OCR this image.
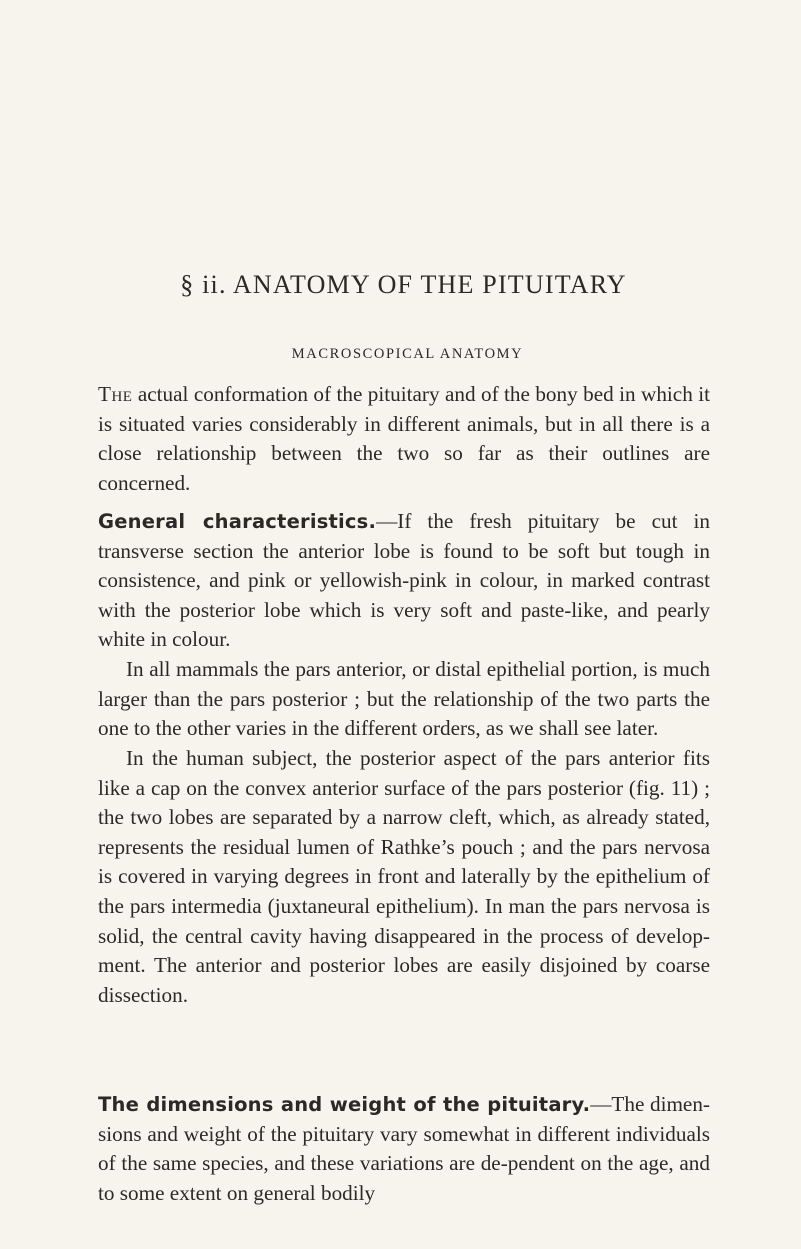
§ ii. ANATOMY OF THE PITUITARY
MACROSCOPICAL ANATOMY

The actual conformation of the pituitary and of the bony bed in which it is situated varies considerably in different animals, but in all there is a close relationship between the two so far as their outlines are concerned.

General characteristics.—If the fresh pituitary be cut in transverse section the anterior lobe is found to be soft but tough in consistence, and pink or yellowish-pink in colour, in marked contrast with the posterior lobe which is very soft and paste-like, and pearly white in colour.

In all mammals the pars anterior, or distal epithelial portion, is much larger than the pars posterior ; but the relationship of the two parts the one to the other varies in the different orders, as we shall see later.

In the human subject, the posterior aspect of the pars anterior fits like a cap on the convex anterior surface of the pars posterior (fig. 11) ; the two lobes are separated by a narrow cleft, which, as already stated, represents the residual lumen of Rathke’s pouch ; and the pars nervosa is covered in varying degrees in front and laterally by the epithelium of the pars intermedia (juxtaneural epithelium). In man the pars nervosa is solid, the central cavity having disappeared in the process of develop-ment. The anterior and posterior lobes are easily disjoined by coarse dissection.

The dimensions and weight of the pituitary.—The dimen-sions and weight of the pituitary vary somewhat in different individuals of the same species, and these variations are de-pendent on the age, and to some extent on general bodily
